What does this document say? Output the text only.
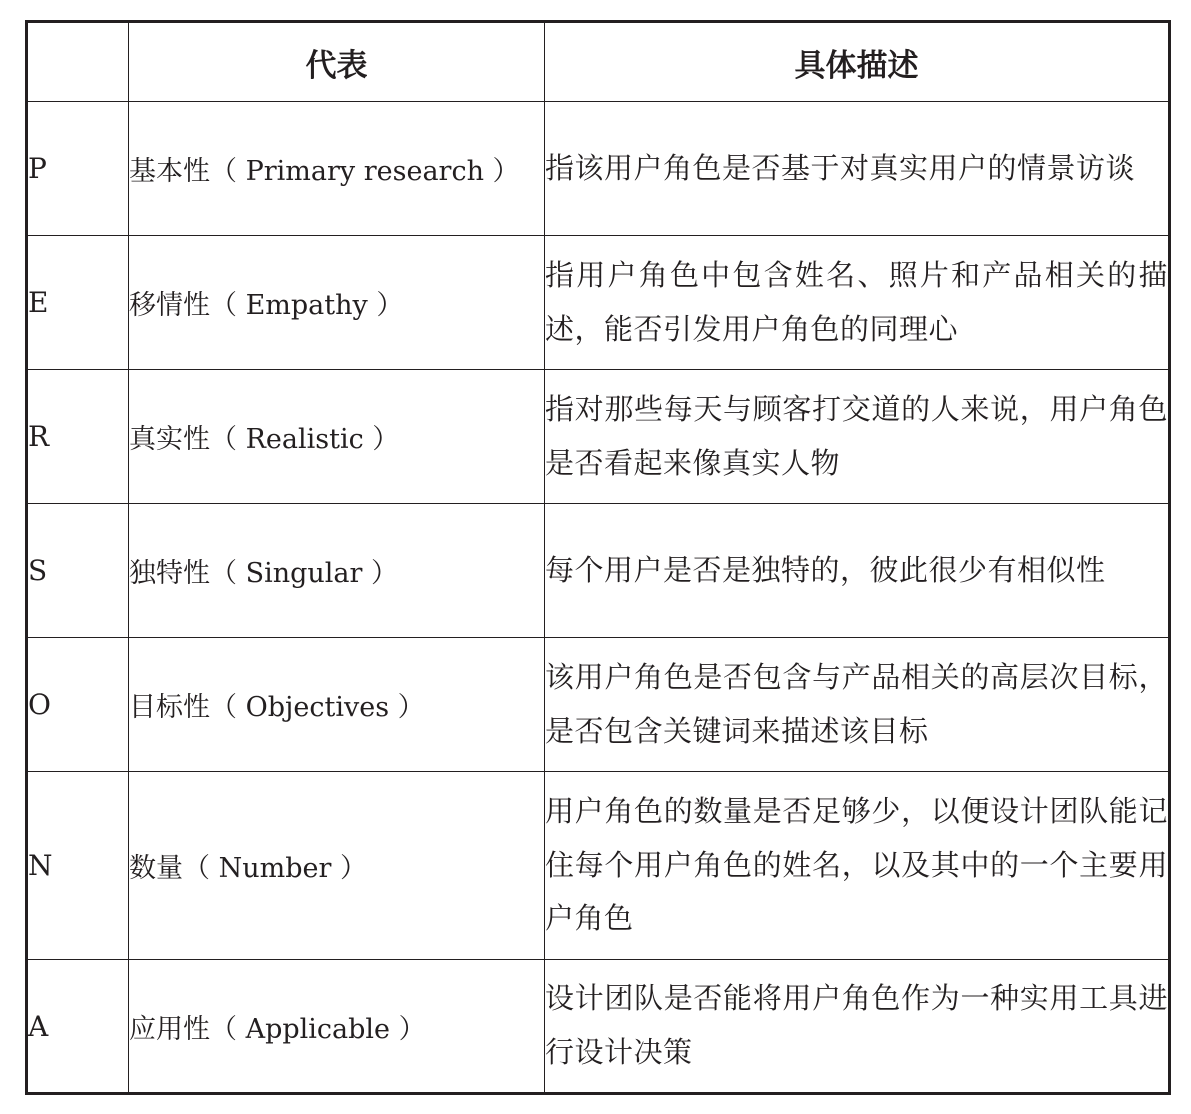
	代表	具体描述
P	基本性（ Primary research ）	指该用户角色是否基于对真实用户的情景访谈
E	移情性（ Empathy ）	指用户角色中包含姓名、照片和产品相关的描述，能否引发用户角色的同理心
R	真实性（ Realistic ）	指对那些每天与顾客打交道的人来说，用户角色是否看起来像真实人物
S	独特性（ Singular ）	每个用户是否是独特的，彼此很少有相似性
O	目标性（ Objectives ）	该用户角色是否包含与产品相关的高层次目标，是否包含关键词来描述该目标
N	数量（ Number ）	用户角色的数量是否足够少，以便设计团队能记住每个用户角色的姓名，以及其中的一个主要用户角色
A	应用性（ Applicable ）	设计团队是否能将用户角色作为一种实用工具进行设计决策
